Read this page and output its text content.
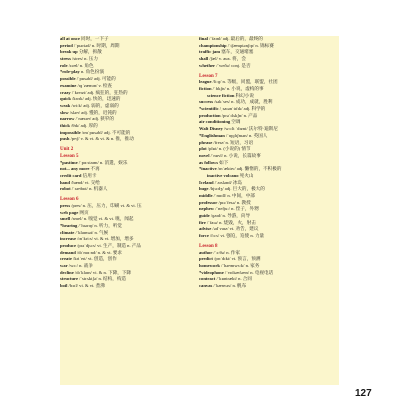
all at once 同时，一下子
period /ˈpɪəriəd/ n. 时期，周期
break up 分解，拆散
stress /stres/ n. 压力
role /rəʊl/ n. 角色
*role-play n. 角色扮演
possible /ˈpɒsəbl/ adj. 可能的
examine /ɪɡˈzæmɪn/ v. 检查
crazy /ˈkreɪzi/ adj. 疯狂的，狂热的
quick /kwɪk/ adj. 快的，迅速的
weak /wiːk/ adj. 弱的，虚弱的
slow /sləʊ/ adj. 慢的，迟钝的
narrow /ˈnærəʊ/ adj. 狭窄的
thick /θɪk/ adj. 厚的
impossible /ɪmˈpɒsəbl/ adj. 不可能的
push /pʊʃ/ v. & vt. & vi. & n. 推，推动
Unit 2
Lesson 5
*pastime /ˈpɑːstaɪm/ n. 消遣，娱乐
not... any more 不再
credit card 信用卡
hand /hænd/ vt. 交给
robot /ˈrəʊbɒt/ n. 机器人
Lesson 6
press /pres/ n. 压，压力，印刷 vt. & vi. 压
web page 网页
smell /smel/ n. 嗅觉 vi. & vt. 嗅，闻起
*hearing /ˈhɪərɪŋ/ n. 听力，听觉
climate /ˈklaɪmət/ n. 气候
increase /ɪnˈkriːs/ vi. & vt. 增加，增多
produce /prəˈdjuːs/ vt. 生产，制造 n. 产品
demand /dɪˈmɑːnd/ n. & vt. 要求
create /kriˈeɪt/ vt. 创造，创作
war /wɔː/ n. 战争
decline /dɪˈklaɪn/ vi. & n. 下降，下降
structure /ˈstrʌktʃə/ n. 结构，构造
boil /bɔɪl/ vi. & vt. 煮沸
final /ˈfaɪnl/ adj. 最后的，最终的
championship /ˈtʃæmpiənʃɪp/ n. 锦标赛
traffic jam 塞车，交通堵塞
shall /ʃæl/ v. aux. 将，会
whether /ˈweðə/ conj. 是否
Lesson 7
league /liːɡ/ n. 等级，同盟，联盟，社团
fiction /ˈfɪkʃn/ n. 小说，虚构的事
science fiction 科幻小说
success /səkˈses/ n. 成功，成就，胜利
*scientific /ˌsaɪənˈtɪfɪk/ adj. 科学的
production /prəˈdʌkʃn/ n. 产品
air conditioning 空调
Walt Disney /wɔːlt ˈdɪzni/ 沃尔特·迪斯尼
*Englishman /ˈɪŋɡlɪʃmən/ n. 英国人
phrase /freɪz/ n. 短语，习语
plot /plɒt/ n. (小说的) 情节
novel /ˈnɒvl/ n. 小说，长篇故事
as follows 如下
*inactive /ɪnˈæktɪv/ adj. 懒惰的，不积极的
inactive volcano 死火山
Iceland /ˈaɪslənd/ 冰岛
huge /hjuːdʒ/ adj. 巨大的，极大的
middle /ˈmɪdl/ n. 中间，中部
professor /prəˈfesə/ n. 教授
nephew /ˈnefjuː/ n. 侄子，外甥
guide /ɡaɪd/ n. 导游，向导
fire /ˈfaɪə/ n. 烧毁，火，射击
advise /ədˈvaɪz/ vt. 劝告，建议
force /fɔːs/ vt. 强迫，迫使 n. 力量
Lesson 8
author /ˈɔːθə/ n. 作家
predict /prɪˈdɪkt/ vt. 预言，预测
homework /ˈhəʊmwɜːk/ n. 家务
*videophone /ˈvɪdiəʊfəʊn/ n. 电视电话
contract /ˈkɒntrækt/ n. 合同
canvas /ˈkænvəs/ n. 帆布
127
